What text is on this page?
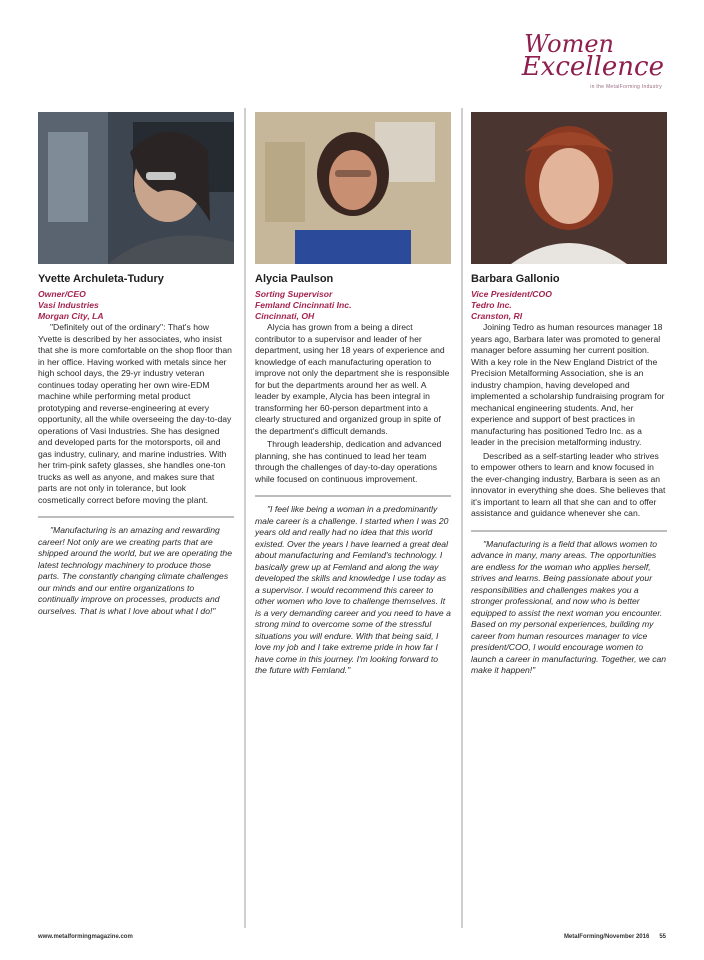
Women
Excellence
in the MetalForming Industry
Yvette Archuleta-Tudury
Owner/CEO
Vasi Industries
Morgan City, LA

"Definitely out of the ordinary": That's how Yvette is described by her associates, who insist that she is more comfortable on the shop floor than in her office. Having worked with metals since her high school days, the 29-yr industry veteran continues today operating her own wire-EDM machine while performing metal product prototyping and reverse-engineering at every opportunity, all the while overseeing the day-to-day operations of Vasi Industries. She has designed and developed parts for the motorsports, oil and gas industry, culinary, and marine industries. With her trim-pink safety glasses, she handles one-ton trucks as well as anyone, and makes sure that parts are not only in tolerance, but look cosmetically correct before moving the plant.

"Manufacturing is an amazing and rewarding career! Not only are we creating parts that are shipped around the world, but we are operating the latest technology machinery to produce those parts. The constantly changing climate challenges our minds and our entire organizations to continually improve on processes, products and ourselves. That is what I love about what I do!"
Alycia Paulson
Sorting Supervisor
Femland Cincinnati Inc.
Cincinnati, OH

Alycia has grown from a being a direct contributor to a supervisor and leader of her department, using her 18 years of experience and knowledge of each manufacturing operation to improve not only the department she is responsible for but the departments around her as well. A leader by example, Alycia has been integral in transforming her 60-person department into a clearly structured and organized group in spite of the department's difficult demands.

Through leadership, dedication and advanced planning, she has continued to lead her team through the challenges of day-to-day operations while focused on continuous improvement.

"I feel like being a woman in a predominantly male career is a challenge. I started when I was 20 years old and really had no idea that this world existed. Over the years I have learned a great deal about manufacturing and Femland's technology. I basically grew up at Femland and along the way developed the skills and knowledge I use today as a supervisor. I would recommend this career to other women who love to challenge themselves. It is a very demanding career and you need to have a strong mind to overcome some of the stressful situations you will endure. With that being said, I love my job and I take extreme pride in how far I have come in this journey. I'm looking forward to the future with Femland."
Barbara Gallonio
Vice President/COO
Tedro Inc.
Cranston, RI

Joining Tedro as human resources manager 18 years ago, Barbara later was promoted to general manager before assuming her current position. With a key role in the New England District of the Precision Metalforming Association, she is an industry champion, having developed and implemented a scholarship fundraising program for mechanical engineering students. And, her experience and support of best practices in manufacturing has positioned Tedro Inc. as a leader in the precision metalforming industry.

Described as a self-starting leader who strives to empower others to learn and know focused in the ever-changing industry, Barbara is seen as an innovator in everything she does. She believes that it's important to learn all that she can and to offer assistance and guidance whenever she can.

"Manufacturing is a field that allows women to advance in many, many areas. The opportunities are endless for the woman who applies herself, strives and learns. Being passionate about your responsibilities and challenges makes you a stronger professional, and now who is better equipped to assist the next woman you encounter. Based on my personal experiences, building my career from human resources manager to vice president/COO, I would encourage women to launch a career in manufacturing. Together, we can make it happen!"
www.metalformingmagazine.com	MetalForming/November 2016 55
